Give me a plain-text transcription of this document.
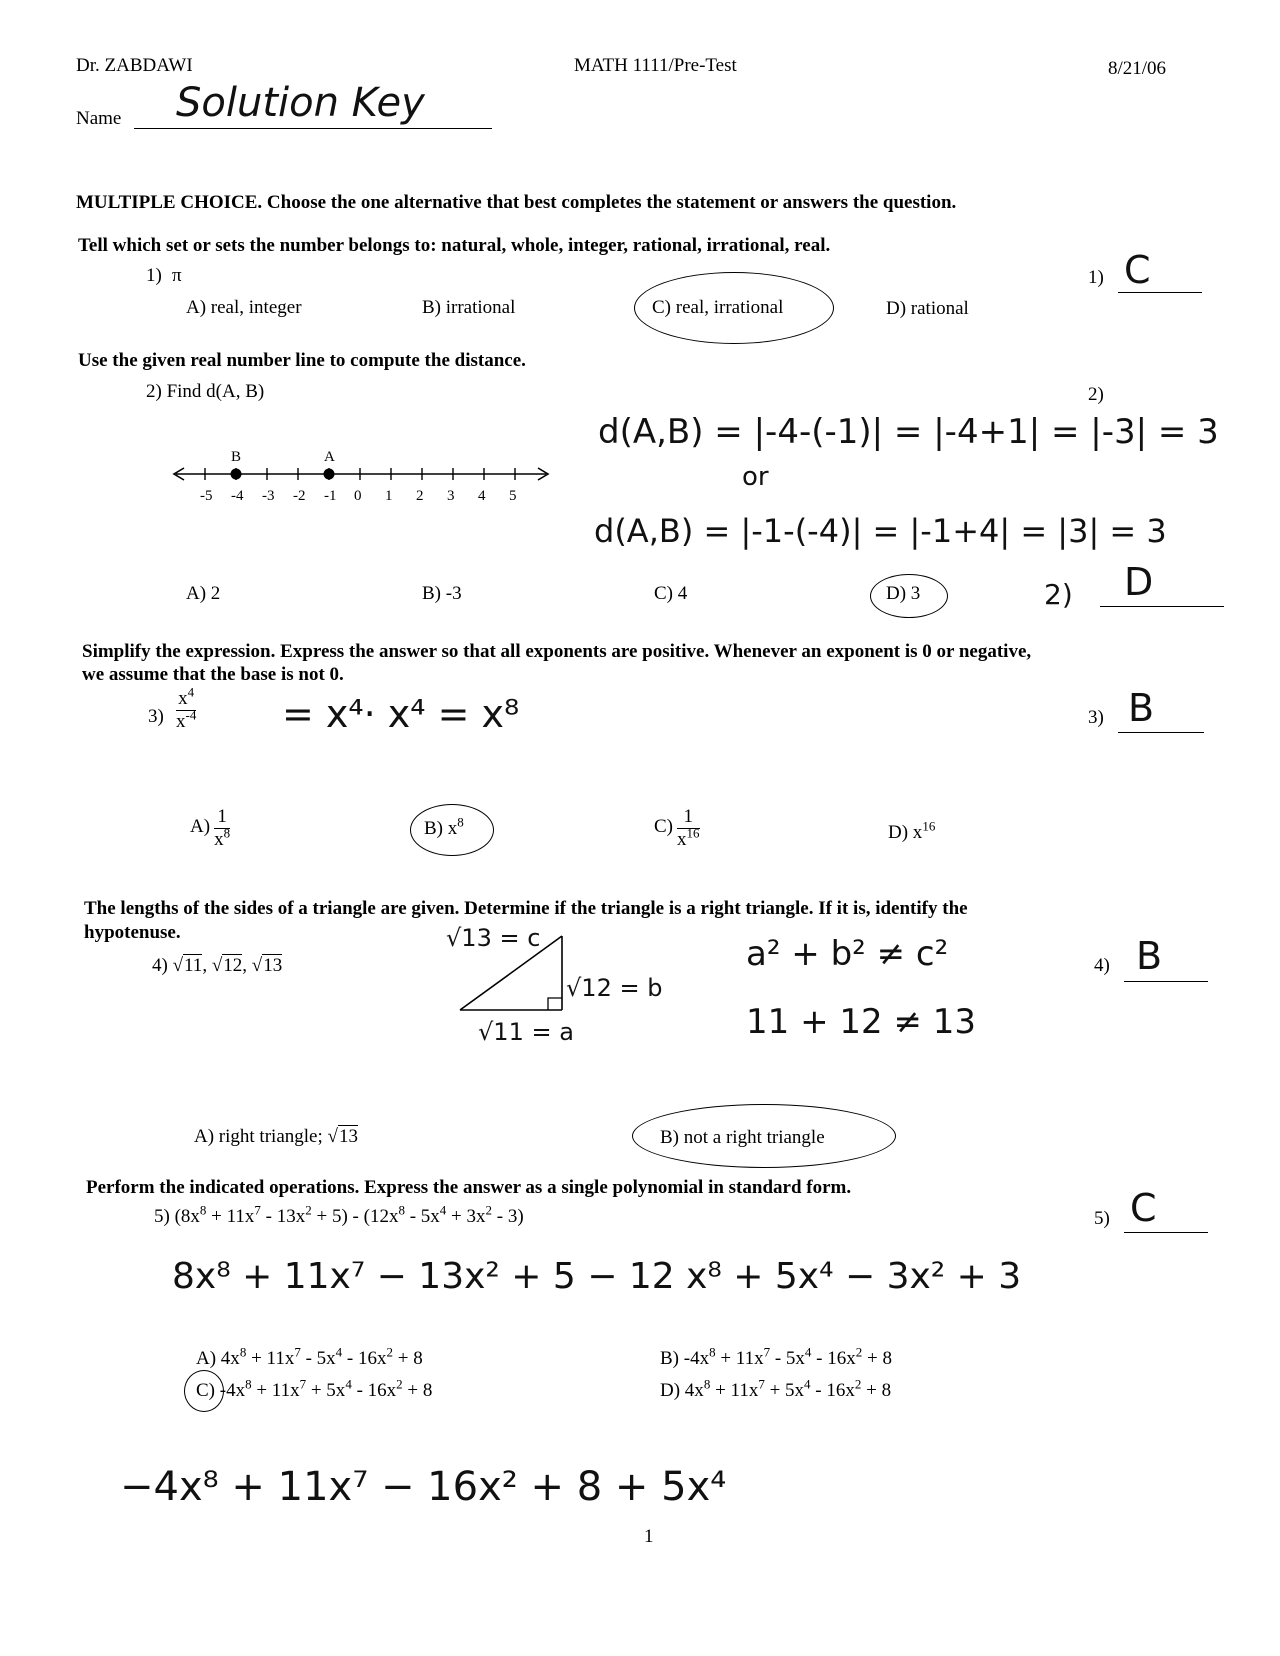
Dr. ZABDAWI	MATH 1111/Pre-Test	8/21/06
Name Solution Key
MULTIPLE CHOICE. Choose the one alternative that best completes the statement or answers the question.
Tell which set or sets the number belongs to: natural, whole, integer, rational, irrational, real.
1) π
A) real, integer	B) irrational	C) real, irrational	D) rational
1) C
Use the given real number line to compute the distance.
2) Find d(A, B)	2)
B	A
-5 -4 -3 -2 -1 0 1 2 3 4 5
d(A,B) = |-4-(-1)| = |-4+1| = |-3| = 3
or
d(A,B) = |-1-(-4)| = |-1+4| = |3| = 3
A) 2	B) -3	C) 4	D) 3	2) D
Simplify the expression. Express the answer so that all exponents are positive. Whenever an exponent is 0 or negative,
we assume that the base is not 0.
$3) \frac{x^4}{x^{-4}} = x^4\cdot x^4 = x^8$	3) B
$A) \frac{1}{x^8}$	B) $x^8$	$C) \frac{1}{x^{16}}$	D) $x^{16}$
The lengths of the sides of a triangle are given. Determine if the triangle is a right triangle. If it is, identify the
hypotenuse.
4) √11, √12, √13
√13 = c
√12 = b
√11 = a
a² + b² ≠ c²
11 + 12 ≠ 13
4) B
A) right triangle; √13	B) not a right triangle
Perform the indicated operations. Express the answer as a single polynomial in standard form.
5) $(8x^8 + 11x^7 - 13x^2 + 5) - (12x^8 - 5x^4 + 3x^2 - 3)$
8x⁸ + 11x⁷ − 13x² + 5 − 12 x⁸ + 5x⁴ − 3x² + 3
5) C
A) $4x^8 + 11x^7 - 5x^4 - 16x^2 + 8$	B) $-4x^8 + 11x^7 - 5x^4 - 16x^2 + 8$
C) $-4x^8 + 11x^7 + 5x^4 - 16x^2 + 8$	D) $4x^8 + 11x^7 + 5x^4 - 16x^2 + 8$
−4x⁸ + 11x⁷ − 16x² + 8 + 5x⁴
1
